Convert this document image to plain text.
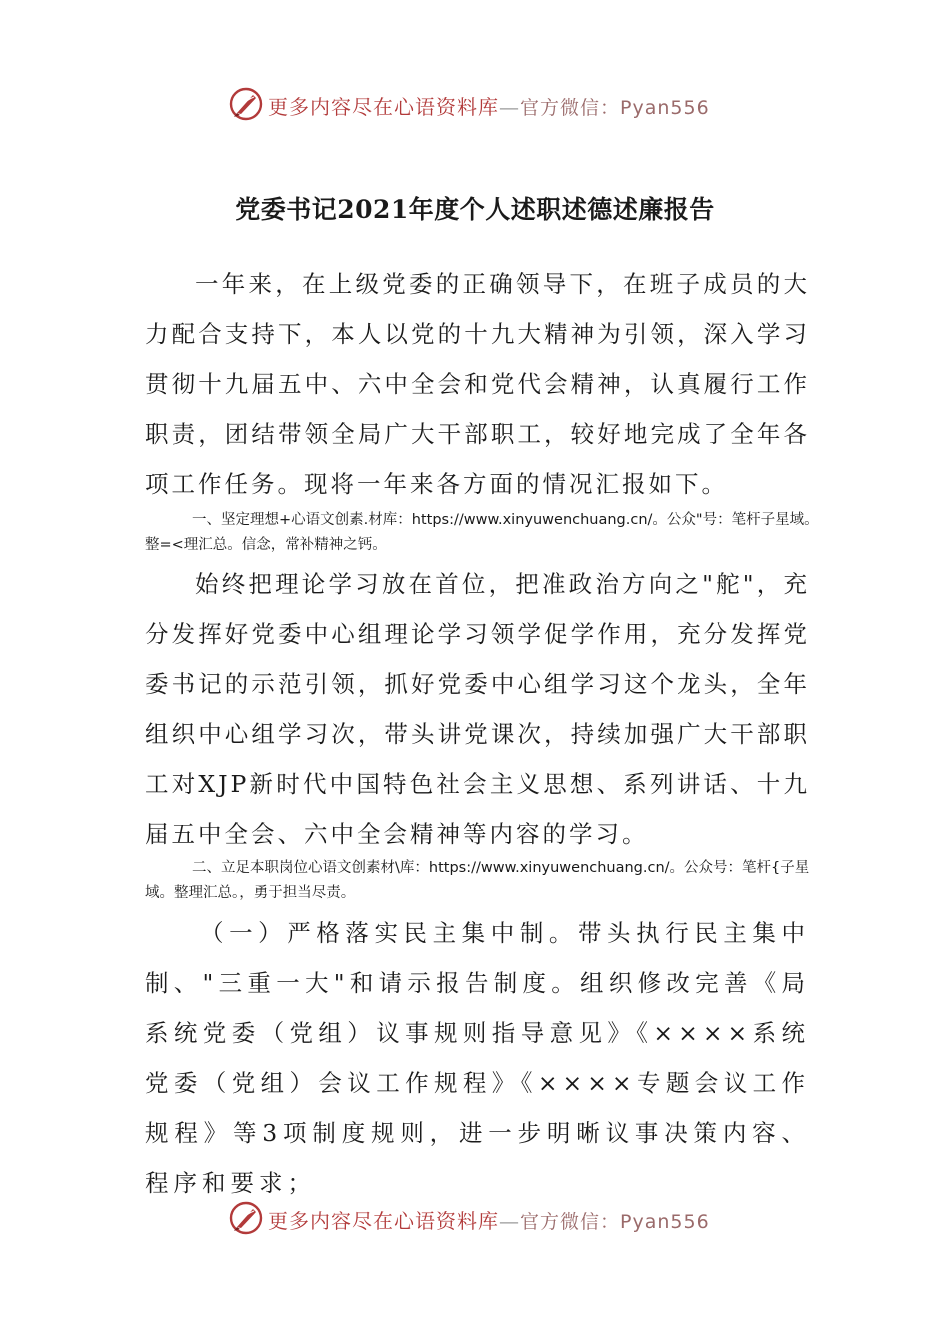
更多内容尽在心语资料库—官方微信：Pyan556
党委书记2021年度个人述职述德述廉报告

一年来，在上级党委的正确领导下，在班子成员的大力配合支持下，本人以党的十九大精神为引领，深入学习贯彻十九届五中、六中全会和党代会精神，认真履行工作职责，团结带领全局广大干部职工，较好地完成了全年各项工作任务。现将一年来各方面的情况汇报如下。

一、坚定理想+心语文创素.材库：https://www.xinyuwenchuang.cn/。公众"号：笔杆子星域。整=<理汇总。信念，常补精神之钙。

始终把理论学习放在首位，把准政治方向之"舵"，充分发挥好党委中心组理论学习领学促学作用，充分发挥党委书记的示范引领，抓好党委中心组学习这个龙头，全年组织中心组学习次，带头讲党课次，持续加强广大干部职工对XJP新时代中国特色社会主义思想、系列讲话、十九届五中全会、六中全会精神等内容的学习。

二、立足本职岗位心语文创素材\库：https://www.xinyuwenchuang.cn/。公众号：笔杆{子星域。整理汇总。，勇于担当尽责。

（一）严格落实民主集中制。带头执行民主集中制、"三重一大"和请示报告制度。组织修改完善《局系统党委（党组）议事规则指导意见》《××××系统党委（党组）会议工作规程》《××××专题会议工作规程》等3项制度规则，进一步明晰议事决策内容、程序和要求；

更多内容尽在心语资料库—官方微信：Pyan556
